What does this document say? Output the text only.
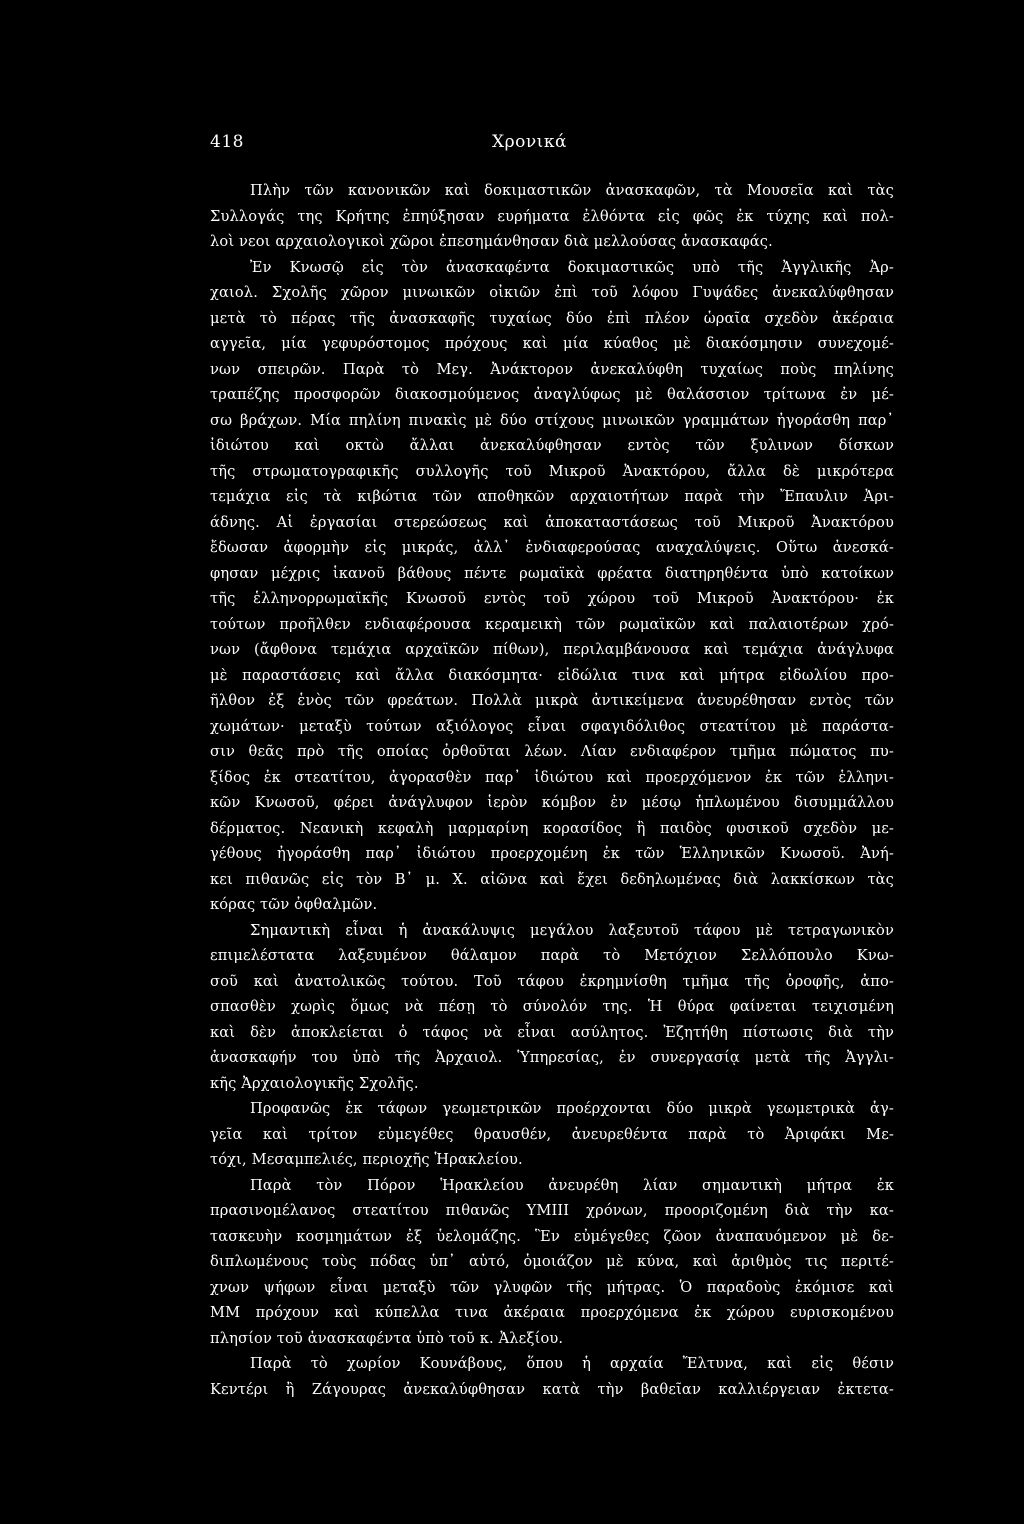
418	Χρονικά
Πλὴν τῶν κανονικῶν καὶ δοκιμαστικῶν ἀνασκαφῶν, τὰ Μουσεῖα καὶ τὰς
Συλλογάς της Κρήτης ἐπηύξησαν ευρήματα ἐλθόντα εἰς φῶς ἐκ τύχης καὶ πολ-
λοὶ νεοι αρχαιολογικοὶ χῶροι ἐπεσημάνθησαν διὰ μελλούσας ἀνασκαφάς.
Ἐν Κνωσῷ εἰς τὸν ἀνασκαφέντα δοκιμαστικῶς υπὸ τῆς Ἀγγλικῆς Ἀρ-
χαιολ. Σχολῆς χῶρον μινωικῶν οἰκιῶν ἐπὶ τοῦ λόφου Γυψάδες ἀνεκαλύφθησαν
μετὰ τὸ πέρας τῆς ἀνασκαφῆς τυχαίως δύο ἐπὶ πλέον ὡραῖα σχεδὸν ἀκέραια
αγγεῖα, μία γεφυρόστομος πρόχους καὶ μία κύαθος μὲ διακόσμησιν συνεχομέ-
νων σπειρῶν. Παρὰ τὸ Μεγ. Ἀνάκτορον ἀνεκαλύφθη τυχαίως ποὺς πηλίνης
τραπέζης προσφορῶν διακοσμούμενος ἀναγλύφως μὲ θαλάσσιον τρίτωνα ἐν μέ-
σω βράχων. Μία πηλίνη πινακὶς μὲ δύο στίχους μινωικῶν γραμμάτων ἠγοράσθη παρ᾽
ἰδιώτου καὶ οκτὼ ἄλλαι ἀνεκαλύφθησαν εντὸς τῶν ξυλινων δίσκων
τῆς στρωματογραφικῆς συλλογῆς τοῦ Μικροῦ Ἀνακτόρου, ἄλλα δὲ μικρότερα
τεμάχια εἰς τὰ κιβώτια τῶν αποθηκῶν αρχαιοτήτων παρὰ τὴν Ἔπαυλιν Ἀρι-
άδνης. Αἱ ἐργασίαι στερεώσεως καὶ ἀποκαταστάσεως τοῦ Μικροῦ Ἀνακτόρου
ἔδωσαν ἀφορμὴν εἰς μικράς, ἀλλ᾽ ἐνδιαφερούσας αναχαλύψεις. Οὕτω ἀνεσκά-
φησαν μέχρις ἱκανοῦ βάθους πέντε ρωμαϊκὰ φρέατα διατηρηθέντα ὑπὸ κατοίκων
τῆς ἑλληνορρωμαϊκῆς Κνωσοῦ εντὸς τοῦ χώρου τοῦ Μικροῦ Ἀνακτόρου· ἐκ
τούτων προῆλθεν ενδιαφέρουσα κεραμεικὴ τῶν ρωμαϊκῶν καὶ παλαιοτέρων χρό-
νων (ἄφθονα τεμάχια αρχαϊκῶν πίθων), περιλαμβάνουσα καὶ τεμάχια ἀνάγλυφα
μὲ παραστάσεις καὶ ἄλλα διακόσμητα· εἰδώλια τινα καὶ μήτρα εἰδωλίου προ-
ῆλθον ἐξ ἑνὸς τῶν φρεάτων. Πολλὰ μικρὰ ἀντικείμενα ἀνευρέθησαν εντὸς τῶν
χωμάτων· μεταξὺ τούτων αξιόλογος εἶναι σφαγιδόλιθος στεατίτου μὲ παράστα-
σιν θεᾶς πρὸ τῆς οποίας ὀρθοῦται λέων. Λίαν ενδιαφέρον τμῆμα πώματος πυ-
ξίδος ἐκ στεατίτου, ἀγορασθὲν παρ᾽ ἰδιώτου καὶ προερχόμενον ἐκ τῶν ἑλληνι-
κῶν Κνωσοῦ, φέρει ἀνάγλυφον ἱερὸν κόμβον ἐν μέσῳ ἡπλωμένου δισυμμάλλου
δέρματος. Νεανικὴ κεφαλὴ μαρμαρίνη κορασίδος ἢ παιδὸς φυσικοῦ σχεδὸν με-
γέθους ἠγοράσθη παρ᾽ ἰδιώτου προερχομένη ἐκ τῶν Ἑλληνικῶν Κνωσοῦ. Ἀνή-
κει πιθανῶς εἰς τὸν Β᾽ μ. Χ. αἰῶνα καὶ ἔχει δεδηλωμένας διὰ λακκίσκων τὰς
κόρας τῶν ὀφθαλμῶν.
Σημαντικὴ εἶναι ἡ ἀνακάλυψις μεγάλου λαξευτοῦ τάφου μὲ τετραγωνικὸν
επιμελέστατα λαξευμένον θάλαμον παρὰ τὸ Μετόχιον Σελλόπουλο Κνω-
σοῦ καὶ ἀνατολικῶς τούτου. Τοῦ τάφου ἐκρημνίσθη τμῆμα τῆς ὀροφῆς, ἀπο-
σπασθὲν χωρὶς ὅμως νὰ πέσῃ τὸ σύνολόν της. Ἡ θύρα φαίνεται τειχισμένη
καὶ δὲν ἀποκλείεται ὁ τάφος νὰ εἶναι ασύλητος. Ἐζητήθη πίστωσις διὰ τὴν
ἀνασκαφήν του ὑπὸ τῆς Ἀρχαιολ. Ὑπηρεσίας, ἐν συνεργασίᾳ μετὰ τῆς Ἀγγλι-
κῆς Ἀρχαιολογικῆς Σχολῆς.
Προφανῶς ἐκ τάφων γεωμετρικῶν προέρχονται δύο μικρὰ γεωμετρικὰ ἀγ-
γεῖα καὶ τρίτον εὐμεγέθες θραυσθέν, ἀνευρεθέντα παρὰ τὸ Ἀριφάκι Με-
τόχι, Μεσαμπελιές, περιοχῆς Ἡρακλείου.
Παρὰ τὸν Πόρον Ἡρακλείου ἀνευρέθη λίαν σημαντικὴ μήτρα ἐκ
πρασινομέλανος στεατίτου πιθανῶς ΥΜΙΙΙ χρόνων, προοριζομένη διὰ τὴν κα-
τασκευὴν κοσμημάτων ἐξ ὑελομάζης. Ἓν εὐμέγεθες ζῶον ἀναπαυόμενον μὲ δε-
διπλωμένους τοὺς πόδας ὑπ᾽ αὐτό, ὁμοιάζον μὲ κύνα, καὶ ἀριθμὸς τις περιτέ-
χνων ψήφων εἶναι μεταξὺ τῶν γλυφῶν τῆς μήτρας. Ὁ παραδοὺς ἐκόμισε καὶ
ΜΜ πρόχουν καὶ κύπελλα τινα ἀκέραια προερχόμενα ἐκ χώρου ευρισκομένου
πλησίον τοῦ ἀνασκαφέντα ὑπὸ τοῦ κ. Ἀλεξίου.
Παρὰ τὸ χωρίον Κουνάβους, ὅπου ἡ αρχαία Ἔλτυνα, καὶ εἰς θέσιν
Κεντέρι ἢ Ζάγουρας ἀνεκαλύφθησαν κατὰ τὴν βαθεῖαν καλλιέργειαν ἐκτετα-
